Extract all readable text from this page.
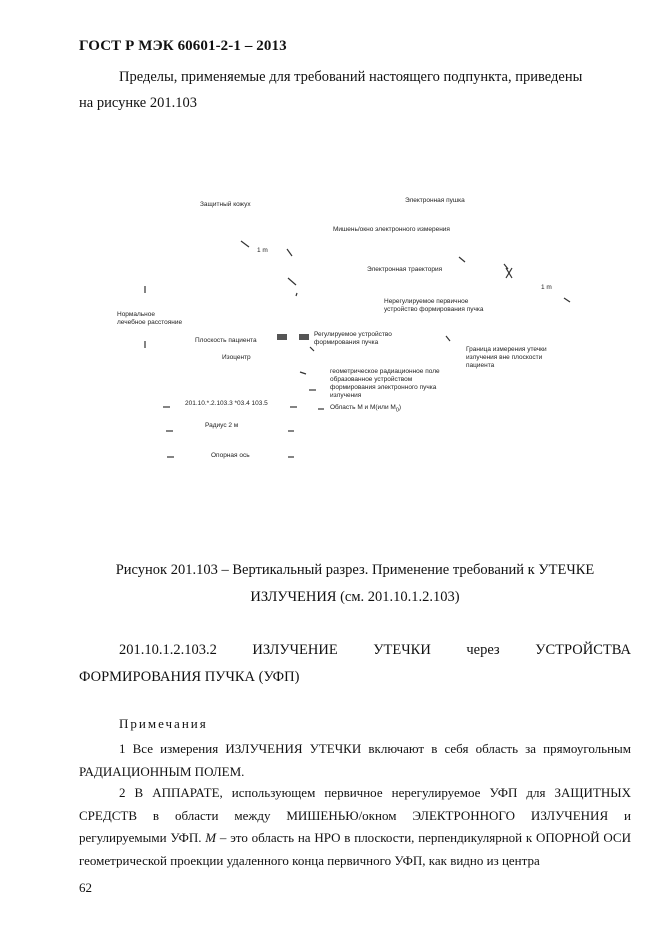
ГОСТ Р МЭК 60601-2-1 – 2013
Пределы, применяемые для требований настоящего подпункта, приведены
на рисунке 201.103
Защитный кожух
Электронная пушка
Мишень/окно электронного измерения
1 m
Электронная траектория
1 m
Нерегулируемое первичное
устройство формирования пучка
Нормальное
лечебное расстояние
Плоскость пациента
Регулируемое устройство
формирования пучка
Граница измерения утечки
излучения вне плоскости
пациента
Изоцентр
геометрическое радиационное поле
образованное устройством
формирования электронного пучка
излучения
201.10.*.2.103.3 *03.4 103.5
Область M и M(или $M_0$)
Радиус 2 м
Опорная ось
Рисунок 201.103 – Вертикальный разрез. Применение требований к УТЕЧКЕ
ИЗЛУЧЕНИЯ (см. 201.10.1.2.103)
201.10.1.2.103.2 ИЗЛУЧЕНИЕ УТЕЧКИ через УСТРОЙСТВА
ФОРМИРОВАНИЯ ПУЧКА (УФП)
Примечания
1 Все измерения ИЗЛУЧЕНИЯ УТЕЧКИ включают в себя область за прямоугольным РАДИАЦИОННЫМ ПОЛЕМ.
2 В АППАРАТЕ, использующем первичное нерегулируемое УФП для ЗАЩИТНЫХ СРЕДСТВ в области между МИШЕНЬЮ/окном ЭЛЕКТРОННОГО ИЗЛУЧЕНИЯ и регулируемыми УФП. M – это область на НРО в плоскости, перпендикулярной к ОПОРНОЙ ОСИ геометрической проекции удаленного конца первичного УФП, как видно из центра
62
